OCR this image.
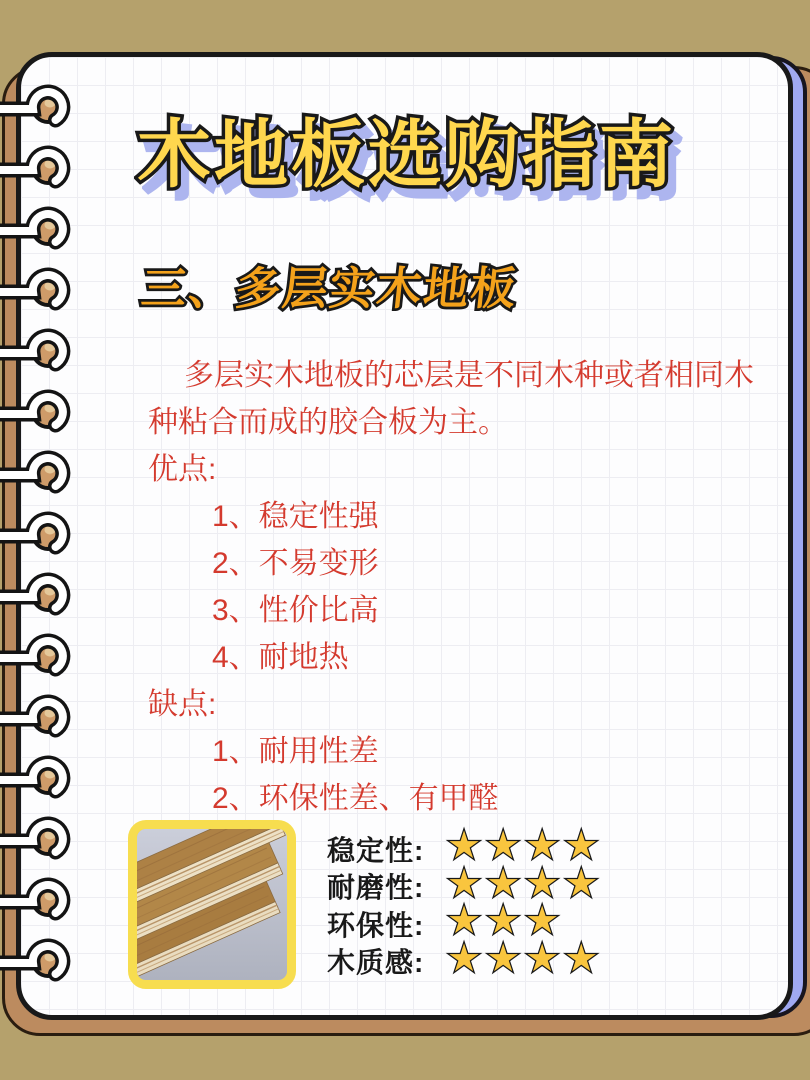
木地板选购指南
三、多层实木地板

多层实木地板的芯层是不同木种或者相同木种粘合而成的胶合板为主。

优点:
1、稳定性强
2、不易变形
3、性价比高
4、耐地热
缺点:
1、耐用性差
2、环保性差、有甲醛
稳定性: ★★★★
耐磨性: ★★★★
环保性: ★★★
木质感: ★★★★
